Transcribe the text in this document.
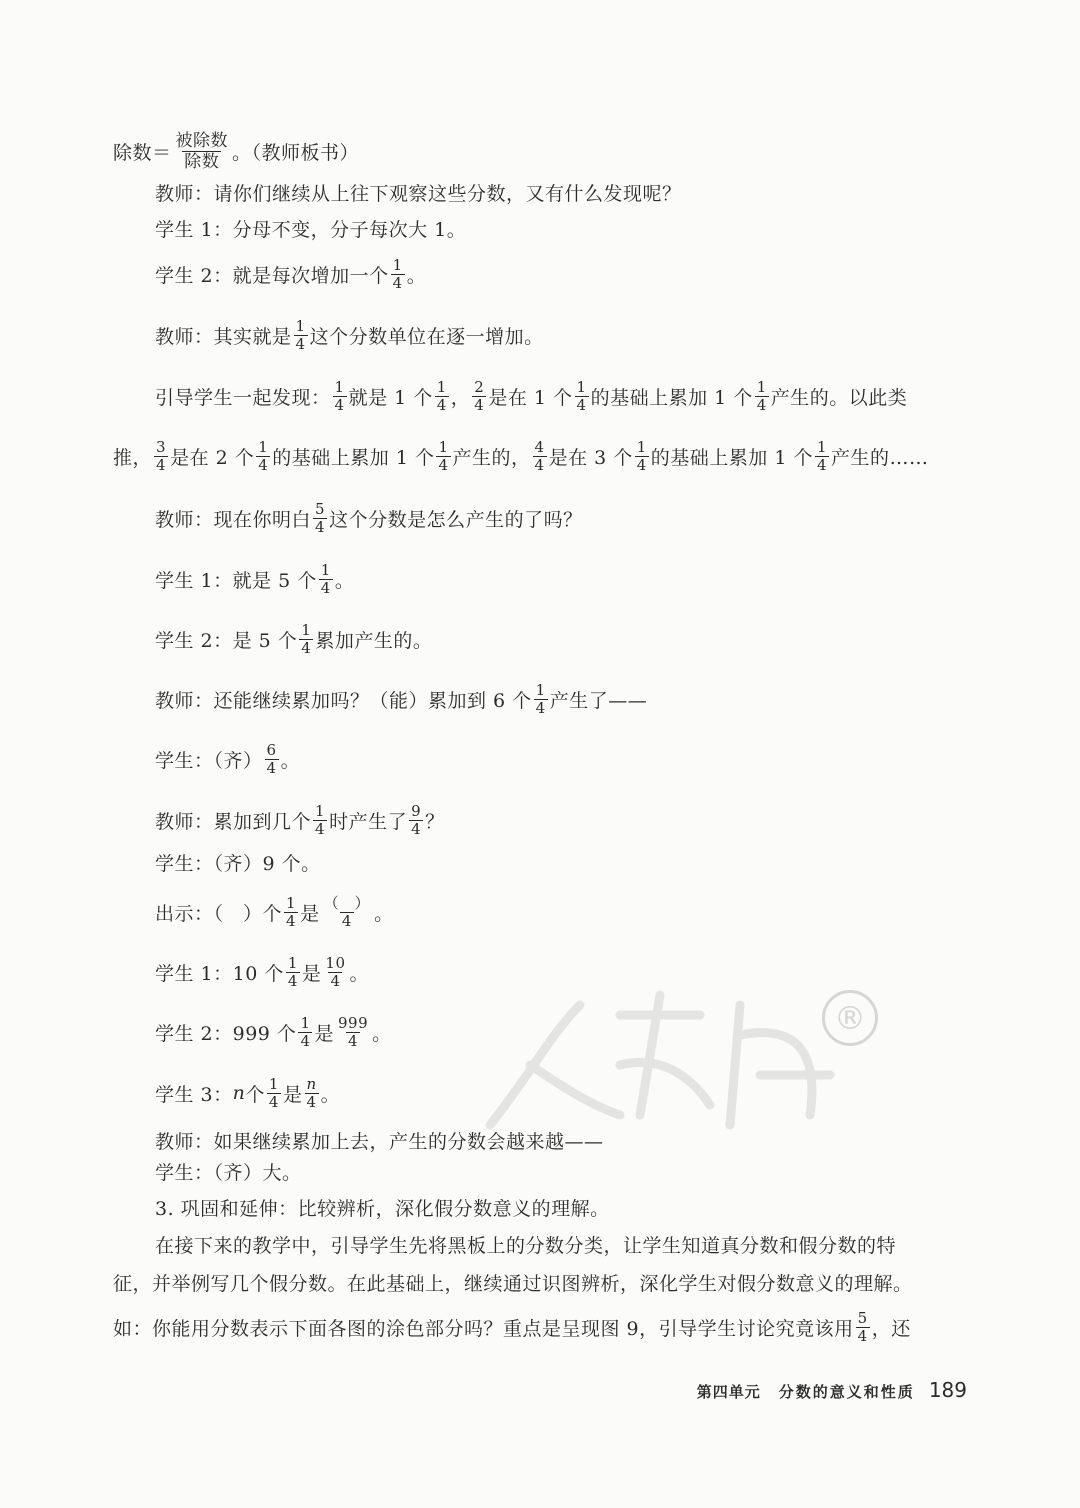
除数＝ $\frac{\text{被除数}}{\text{除数}}$ 。（教师板书）
教师：请你们继续从上往下观察这些分数，又有什么发现呢？
学生 1：分母不变，分子每次大 1。
学生 2：就是每次增加一个 $\frac{1}{4}$ 。
教师：其实就是 $\frac{1}{4}$ 这个分数单位在逐一增加。
引导学生一起发现： $\frac{1}{4}$ 就是 1 个 $\frac{1}{4}$ ， $\frac{2}{4}$ 是在 1 个 $\frac{1}{4}$ 的基础上累加 1 个 $\frac{1}{4}$ 产生的。以此类
推， $\frac{3}{4}$ 是在 2 个 $\frac{1}{4}$ 的基础上累加 1 个 $\frac{1}{4}$ 产生的， $\frac{4}{4}$ 是在 3 个 $\frac{1}{4}$ 的基础上累加 1 个 $\frac{1}{4}$ 产生的……
教师：现在你明白 $\frac{5}{4}$ 这个分数是怎么产生的了吗？
学生 1：就是 5 个 $\frac{1}{4}$ 。
学生 2：是 5 个 $\frac{1}{4}$ 累加产生的。
教师：还能继续累加吗？（能）累加到 6 个 $\frac{1}{4}$ 产生了——
学生：（齐） $\frac{6}{4}$ 。
教师：累加到几个 $\frac{1}{4}$ 时产生了 $\frac{9}{4}$ ？
学生：（齐）9 个。
出示：（　）个 $\frac{1}{4}$ 是 $\frac{( )}{4}$ 。
学生 1：10 个 $\frac{1}{4}$ 是 $\frac{10}{4}$ 。
学生 2：999 个 $\frac{1}{4}$ 是 $\frac{999}{4}$ 。
学生 3： n 个 $\frac{1}{4}$ 是 $\frac{n}{4}$ 。
教师：如果继续累加上去，产生的分数会越来越——
学生：（齐）大。
3. 巩固和延伸：比较辨析，深化假分数意义的理解。
在接下来的教学中，引导学生先将黑板上的分数分类，让学生知道真分数和假分数的特
征，并举例写几个假分数。在此基础上，继续通过识图辨析，深化学生对假分数意义的理解。
如：你能用分数表示下面各图的涂色部分吗？重点是呈现图 9，引导学生讨论究竟该用 $\frac{5}{4}$ ，还
®
第四单元 分数的意义和性质 189
